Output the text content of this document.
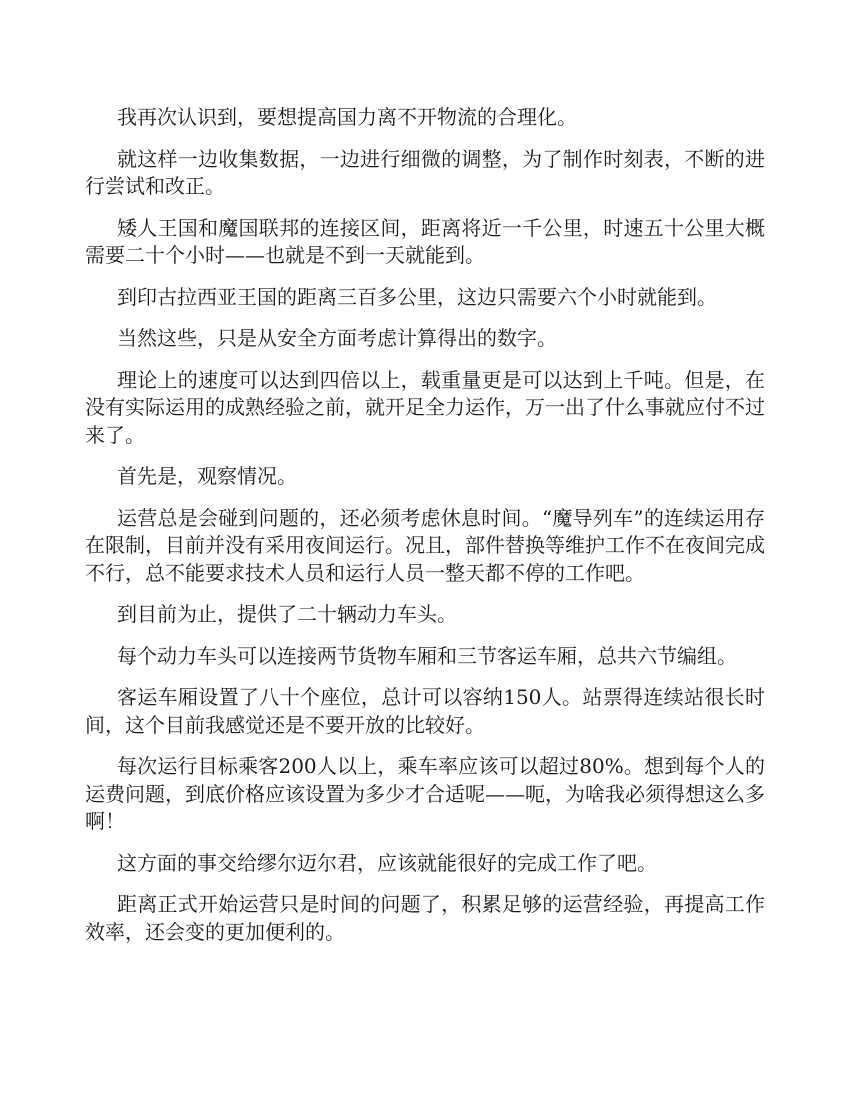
我再次认识到，要想提高国力离不开物流的合理化。

就这样一边收集数据，一边进行细微的调整，为了制作时刻表，不断的进行尝试和改正。

矮人王国和魔国联邦的连接区间，距离将近一千公里，时速五十公里大概需要二十个小时——也就是不到一天就能到。

到印古拉西亚王国的距离三百多公里，这边只需要六个小时就能到。

当然这些，只是从安全方面考虑计算得出的数字。

理论上的速度可以达到四倍以上，载重量更是可以达到上千吨。但是，在没有实际运用的成熟经验之前，就开足全力运作，万一出了什么事就应付不过来了。

首先是，观察情况。

运营总是会碰到问题的，还必须考虑休息时间。“魔导列车”的连续运用存在限制，目前并没有采用夜间运行。况且，部件替换等维护工作不在夜间完成不行，总不能要求技术人员和运行人员一整天都不停的工作吧。

到目前为止，提供了二十辆动力车头。

每个动力车头可以连接两节货物车厢和三节客运车厢，总共六节编组。

客运车厢设置了八十个座位，总计可以容纳150人。站票得连续站很长时间，这个目前我感觉还是不要开放的比较好。

每次运行目标乘客200人以上，乘车率应该可以超过80%。想到每个人的运费问题，到底价格应该设置为多少才合适呢——呃，为啥我必须得想这么多啊！

这方面的事交给缪尔迈尔君，应该就能很好的完成工作了吧。

距离正式开始运营只是时间的问题了，积累足够的运营经验，再提高工作效率，还会变的更加便利的。
